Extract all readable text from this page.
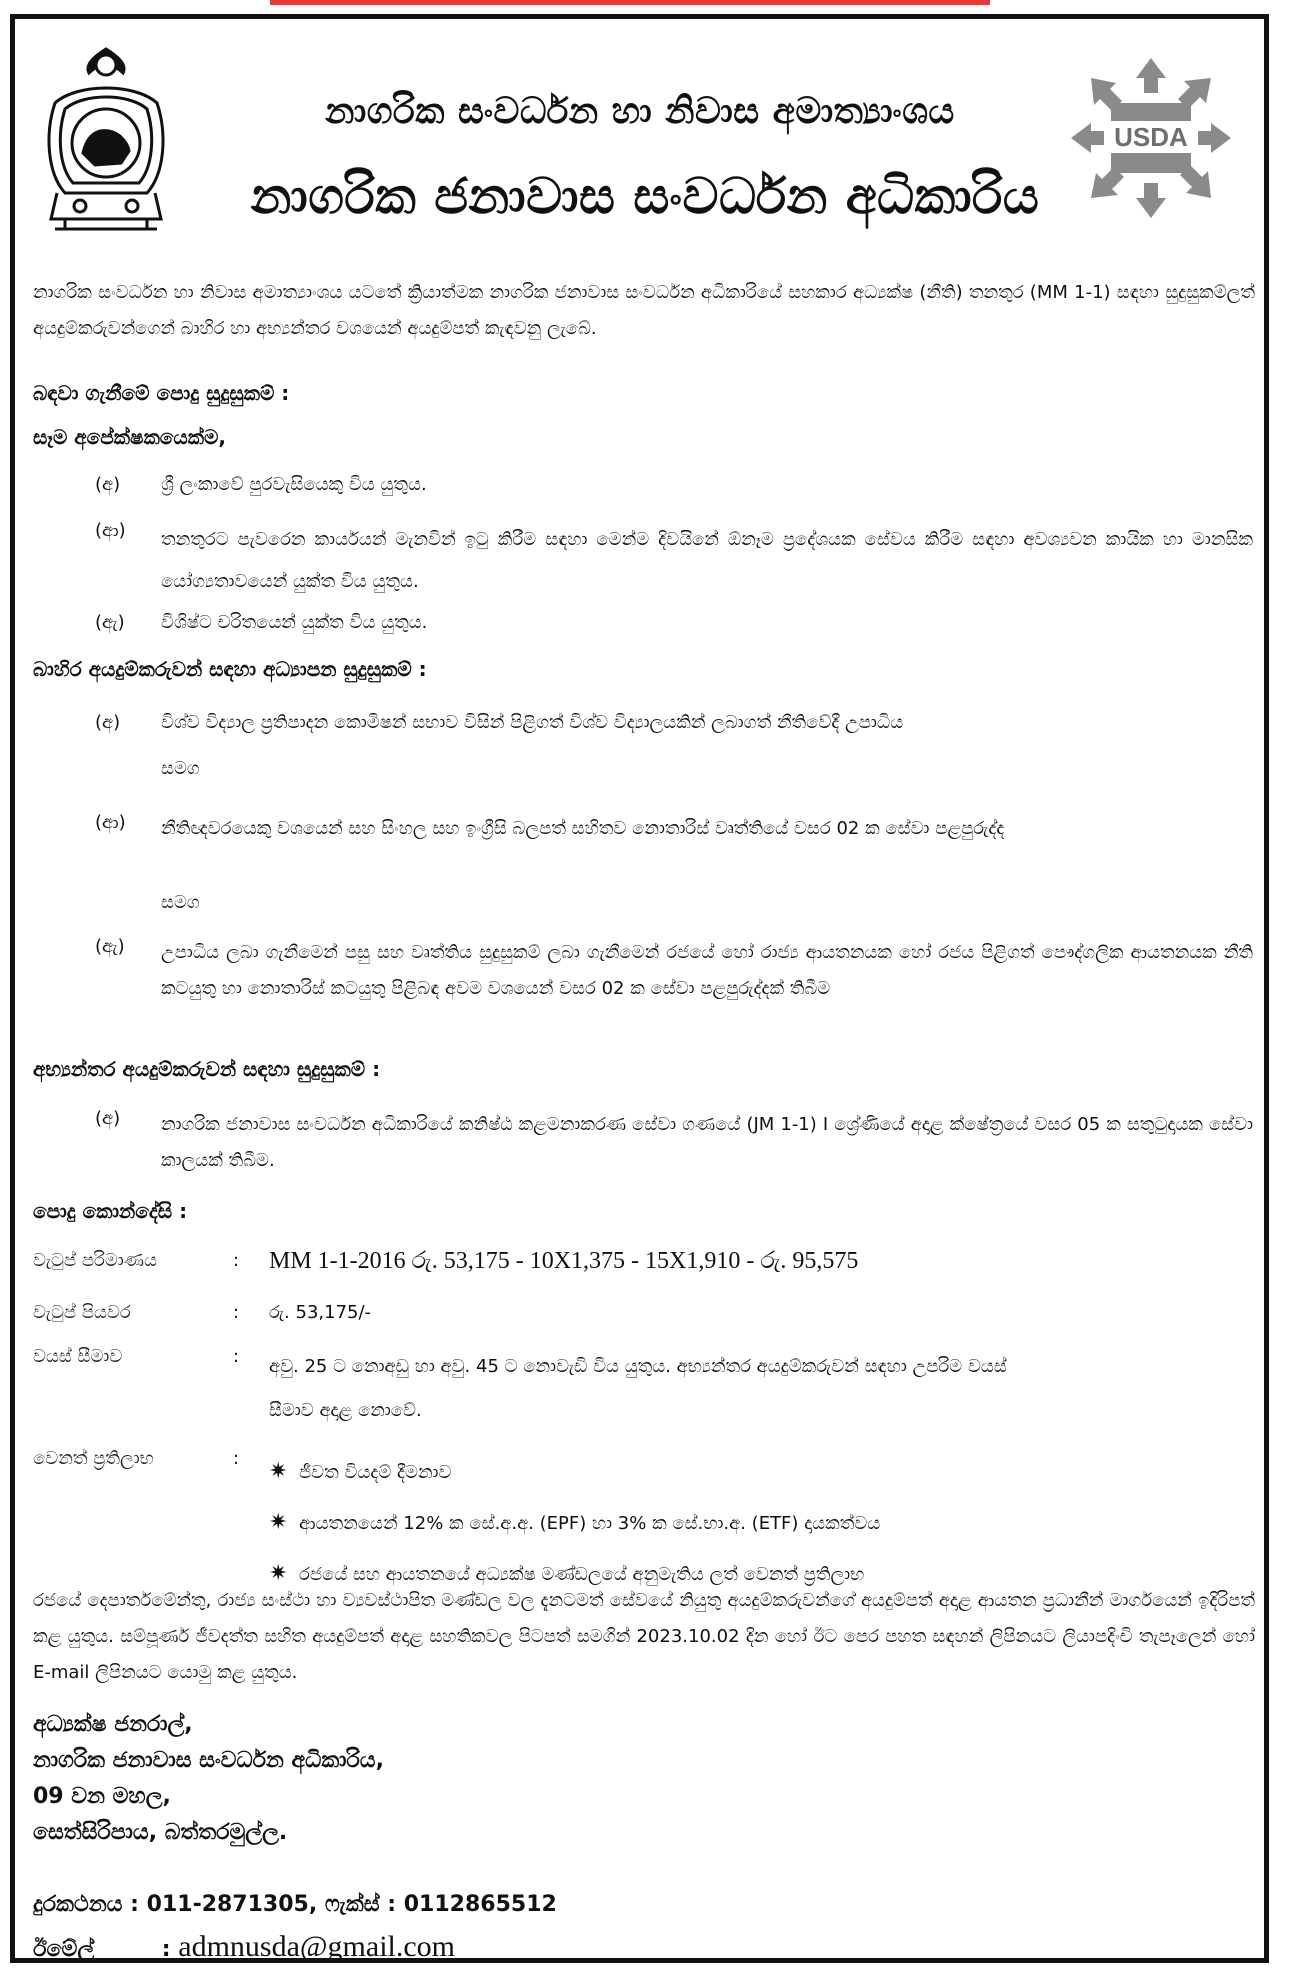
නාගරික සංවර්ධන හා නිවාස අමාත්‍යාංශය
නාගරික ජනාවාස සංවර්ධන අධිකාරිය
USDA
නාගරික සංවර්ධන හා නිවාස අමාත්‍යාංශය යටතේ ක්‍රියාත්මක නාගරික ජනාවාස සංවර්ධන අධිකාරියේ සහකාර අධ්‍යක්ෂ (නීති) තනතුර (MM 1-1) සඳහා සුදුසුකම්ලත් අයදුම්කරුවන්ගෙන් බාහිර හා අභ්‍යන්තර වශයෙන් අයදුම්පත් කැඳවනු ලැබේ.
බඳවා ගැනීමේ පොදු සුදුසුකම් :
සෑම අපේක්ෂකයෙක්ම,
(අ)	ශ්‍රී ලංකාවේ පුරවැසියෙකු විය යුතුය.
(ආ)	තනතුරට පැවරෙන කාර්යයන් මැනවින් ඉටු කිරීම සඳහා මෙන්ම දිවයිනේ ඕනෑම ප්‍රදේශයක සේවය කිරීම සඳහා අවශ්‍යවන කායික හා මානසික යෝග්‍යතාවයෙන් යුක්ත විය යුතුය.
(ඇ)	විශිෂ්ට චරිතයෙන් යුක්ත විය යුතුය.
බාහිර අයදුම්කරුවන් සඳහා අධ්‍යාපන සුදුසුකම් :
(අ)	විශ්ව විද්‍යාල ප්‍රතිපාදන කොමිෂන් සභාව විසින් පිළිගත් විශ්ව විද්‍යාලයකින් ලබාගත් නීතිවේදී උපාධිය
සමග
(ආ)	නීතිඥවරයෙකු වශයෙන් සහ සිංහල සහ ඉංග්‍රීසි බලපත් සහිතව නොතාරිස් වෘත්තියේ වසර 02 ක සේවා පළපුරුද්ද
සමග
(ඇ)	උපාධිය ලබා ගැනීමෙන් පසු සහ වෘත්තිය සුදුසුකම් ලබා ගැනීමෙන් රජයේ හෝ රාජ්‍ය ආයතනයක හෝ රජය පිළිගත් පෞද්ගලික ආයතනයක නීති කටයුතු හා නොතාරිස් කටයුතු පිළිබඳ අවම වශයෙන් වසර 02 ක සේවා පළපුරුද්දක් තිබීම
අභ්‍යන්තර අයදුම්කරුවන් සඳහා සුදුසුකම් :
(අ)	නාගරික ජනාවාස සංවර්ධන අධිකාරියේ කනිෂ්ඨ කළමනාකරණ සේවා ගණයේ (JM 1-1) I ශ්‍රේණියේ අදාළ ක්ෂේත්‍රයේ වසර 05 ක සතුටුදායක සේවා කාලයක් තිබීම.
පොදු කොන්දේසි :
වැටුප් පරිමාණය	: MM 1-1-2016 රු. 53,175 - 10X1,375 - 15X1,910 - රු. 95,575
වැටුප් පියවර	: රු. 53,175/-
වයස් සීමාව	: අවු. 25 ට නොඅඩු හා අවු. 45 ට නොවැඩි විය යුතුය. අභ්‍යන්තර අයදුම්කරුවන් සඳහා උපරිම වයස් සීමාව අදාළ නොවේ.
වෙනත් ප්‍රතිලාභ	:
✷ ජීවත වියදම් දීමනාව
✷ ආයතනයෙන් 12% ක සේ.අ.අ. (EPF) හා 3% ක සේ.භා.අ. (ETF) දායකත්වය
✷ රජයේ සහ ආයතනයේ අධ්‍යක්ෂ මණ්ඩලයේ අනුමැතිය ලත් වෙනත් ප්‍රතිලාභ
රජයේ දෙපාර්තමේන්තු, රාජ්‍ය සංස්ථා හා ව්‍යවස්ථාපිත මණ්ඩල වල දැනටමත් සේවයේ නියුතු අයදුම්කරුවන්ගේ අයදුම්පත් අදාළ ආයතන ප්‍රධානීන් මාර්ගයෙන් ඉදිරිපත් කළ යුතුය. සම්පූර්ණ ජීවදත්ත සහිත අයදුම්පත් අදාළ සහතිකවල පිටපත් සමගින් 2023.10.02 දින හෝ ඊට පෙර පහත සඳහන් ලිපිනයට ලියාපදිංචි තැපෑලෙන් හෝ E-mail ලිපිනයට යොමු කළ යුතුය.
අධ්‍යක්ෂ ජනරාල්,
නාගරික ජනාවාස සංවර්ධන අධිකාරිය,
09 වන මහල,
සෙත්සිරිපාය, බත්තරමුල්ල.
දුරකථනය : 011-2871305, ෆැක්ස් : 0112865512
ඊමේල්	: admnusda@gmail.com
